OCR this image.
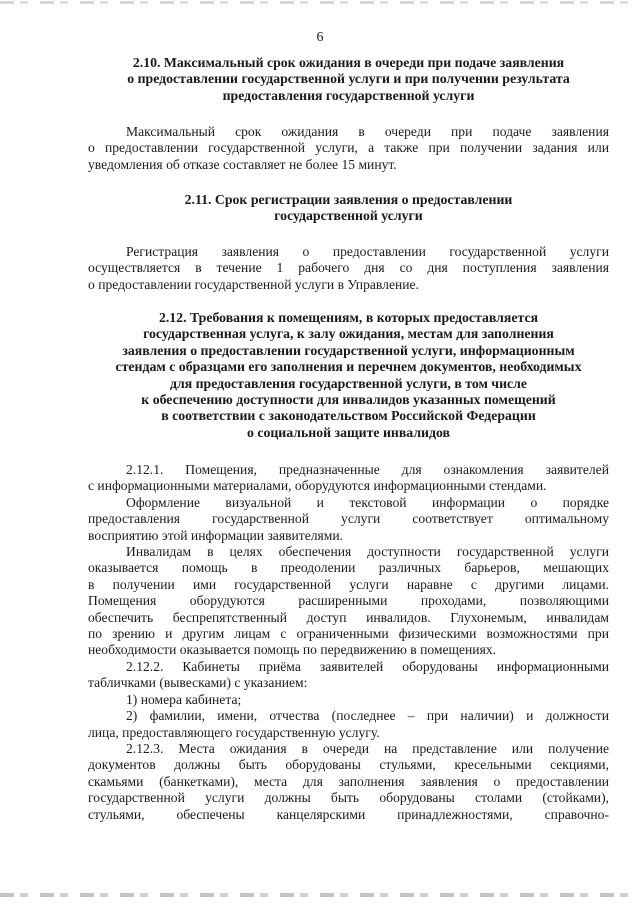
6
2.10. Максимальный срок ожидания в очереди при подаче заявления
о предоставлении государственной услуги и при получении результата
предоставления государственной услуги
Максимальный срок ожидания в очереди при подаче заявления
о предоставлении государственной услуги, а также при получении задания или
уведомления об отказе составляет не более 15 минут.
2.11. Срок регистрации заявления о предоставлении
государственной услуги
Регистрация заявления о предоставлении государственной услуги
осуществляется в течение 1 рабочего дня со дня поступления заявления
о предоставлении государственной услуги в Управление.
2.12. Требования к помещениям, в которых предоставляется
государственная услуга, к залу ожидания, местам для заполнения
заявления о предоставлении государственной услуги, информационным
стендам с образцами его заполнения и перечнем документов, необходимых
для предоставления государственной услуги, в том числе
к обеспечению доступности для инвалидов указанных помещений
в соответствии с законодательством Российской Федерации
о социальной защите инвалидов
2.12.1. Помещения, предназначенные для ознакомления заявителей
с информационными материалами, оборудуются информационными стендами.
Оформление визуальной и текстовой информации о порядке
предоставления государственной услуги соответствует оптимальному
восприятию этой информации заявителями.
Инвалидам в целях обеспечения доступности государственной услуги
оказывается помощь в преодолении различных барьеров, мешающих
в получении ими государственной услуги наравне с другими лицами.
Помещения оборудуются расширенными проходами, позволяющими
обеспечить беспрепятственный доступ инвалидов. Глухонемым, инвалидам
по зрению и другим лицам с ограниченными физическими возможностями при
необходимости оказывается помощь по передвижению в помещениях.
2.12.2. Кабинеты приёма заявителей оборудованы информационными
табличками (вывесками) с указанием:
1) номера кабинета;
2) фамилии, имени, отчества (последнее – при наличии) и должности
лица, предоставляющего государственную услугу.
2.12.3. Места ожидания в очереди на представление или получение
документов должны быть оборудованы стульями, кресельными секциями,
скамьями (банкетками), места для заполнения заявления о предоставлении
государственной услуги должны быть оборудованы столами (стойками),
стульями, обеспечены канцелярскими принадлежностями, справочно-
